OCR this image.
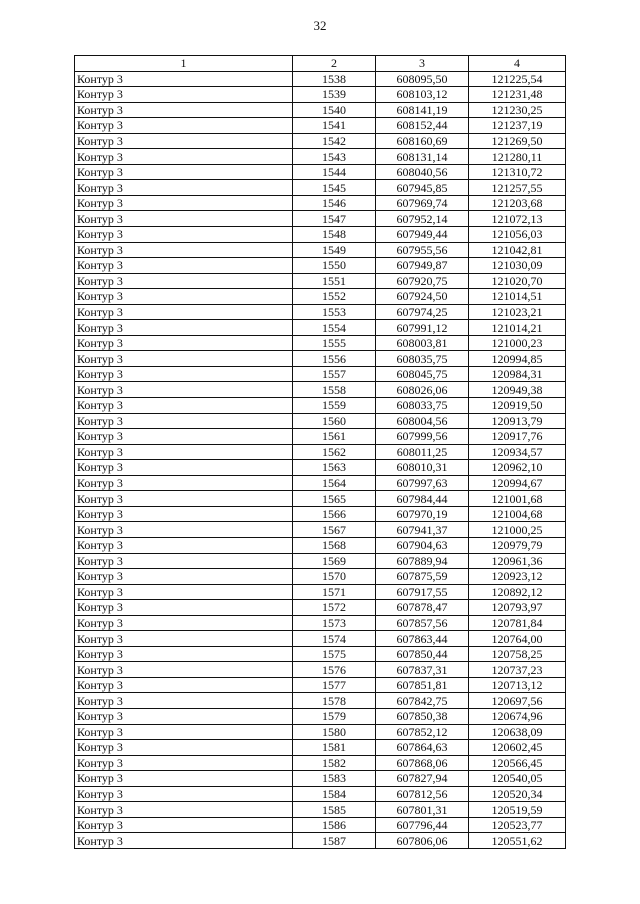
32
1	2	3	4
Контур 3	1538	608095,50	121225,54
Контур 3	1539	608103,12	121231,48
Контур 3	1540	608141,19	121230,25
Контур 3	1541	608152,44	121237,19
Контур 3	1542	608160,69	121269,50
Контур 3	1543	608131,14	121280,11
Контур 3	1544	608040,56	121310,72
Контур 3	1545	607945,85	121257,55
Контур 3	1546	607969,74	121203,68
Контур 3	1547	607952,14	121072,13
Контур 3	1548	607949,44	121056,03
Контур 3	1549	607955,56	121042,81
Контур 3	1550	607949,87	121030,09
Контур 3	1551	607920,75	121020,70
Контур 3	1552	607924,50	121014,51
Контур 3	1553	607974,25	121023,21
Контур 3	1554	607991,12	121014,21
Контур 3	1555	608003,81	121000,23
Контур 3	1556	608035,75	120994,85
Контур 3	1557	608045,75	120984,31
Контур 3	1558	608026,06	120949,38
Контур 3	1559	608033,75	120919,50
Контур 3	1560	608004,56	120913,79
Контур 3	1561	607999,56	120917,76
Контур 3	1562	608011,25	120934,57
Контур 3	1563	608010,31	120962,10
Контур 3	1564	607997,63	120994,67
Контур 3	1565	607984,44	121001,68
Контур 3	1566	607970,19	121004,68
Контур 3	1567	607941,37	121000,25
Контур 3	1568	607904,63	120979,79
Контур 3	1569	607889,94	120961,36
Контур 3	1570	607875,59	120923,12
Контур 3	1571	607917,55	120892,12
Контур 3	1572	607878,47	120793,97
Контур 3	1573	607857,56	120781,84
Контур 3	1574	607863,44	120764,00
Контур 3	1575	607850,44	120758,25
Контур 3	1576	607837,31	120737,23
Контур 3	1577	607851,81	120713,12
Контур 3	1578	607842,75	120697,56
Контур 3	1579	607850,38	120674,96
Контур 3	1580	607852,12	120638,09
Контур 3	1581	607864,63	120602,45
Контур 3	1582	607868,06	120566,45
Контур 3	1583	607827,94	120540,05
Контур 3	1584	607812,56	120520,34
Контур 3	1585	607801,31	120519,59
Контур 3	1586	607796,44	120523,77
Контур 3	1587	607806,06	120551,62
